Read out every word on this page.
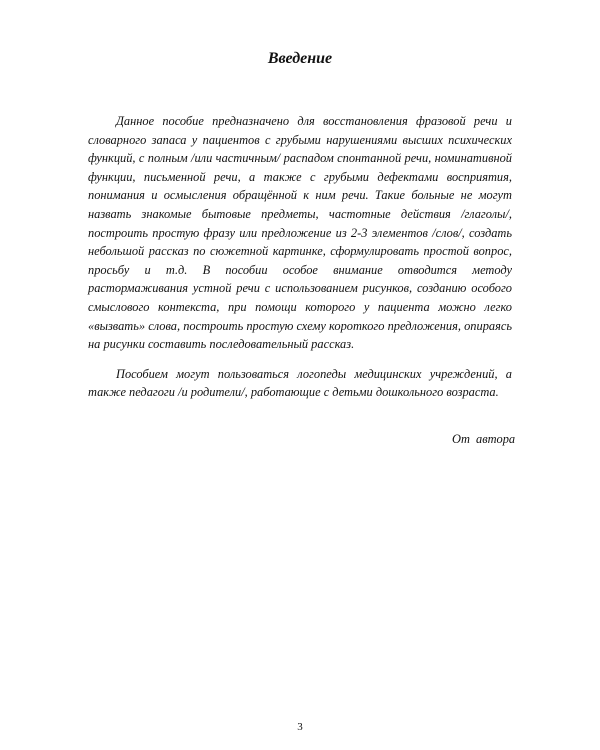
Введение

Данное пособие предназначено для восстановления фразовой речи и словарного запаса у пациентов с грубыми нарушениями высших психических функций, с полным /или частичным/ распадом спонтанной речи, номинативной функции, письменной речи, а также с грубыми дефектами восприятия, понимания и осмысления обращённой к ним речи. Такие больные не могут назвать знакомые бытовые предметы, частотные действия /глаголы/, построить простую фразу или предложение из 2-3 элементов /слов/, создать небольшой рассказ по сюжетной картинке, сформулировать простой вопрос, просьбу и т.д. В пособии особое внимание отводится методу растормаживания устной речи с использованием рисунков, созданию особого смыслового контекста, при помощи которого у пациента можно легко «вызвать» слова, построить простую схему короткого предложения, опираясь на рисунки составить последовательный рассказ.

Пособием могут пользоваться логопеды медицинских учреждений, а также педагоги /и родители/, работающие с детьми дошкольного возраста.

От автора
3
